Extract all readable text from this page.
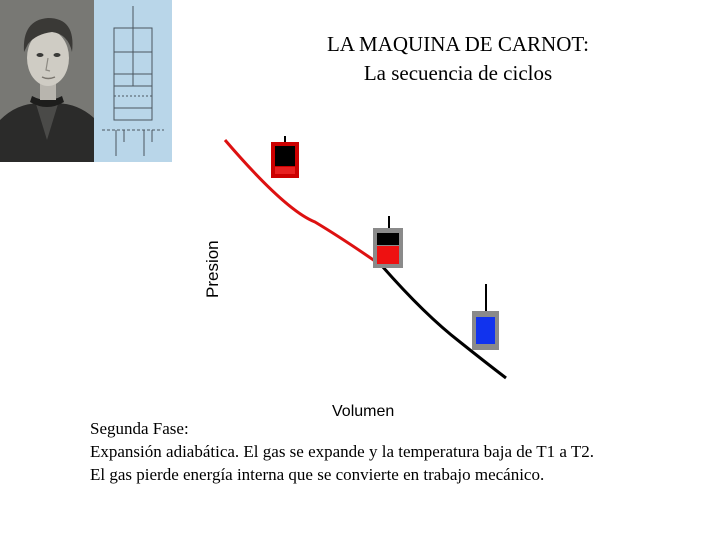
LA MAQUINA DE CARNOT:
La secuencia de ciclos
Presion
Volumen
Segunda Fase:
Expansión adiabática. El gas se expande y la temperatura baja de T1 a T2.
El gas pierde energía interna que se convierte en trabajo mecánico.
